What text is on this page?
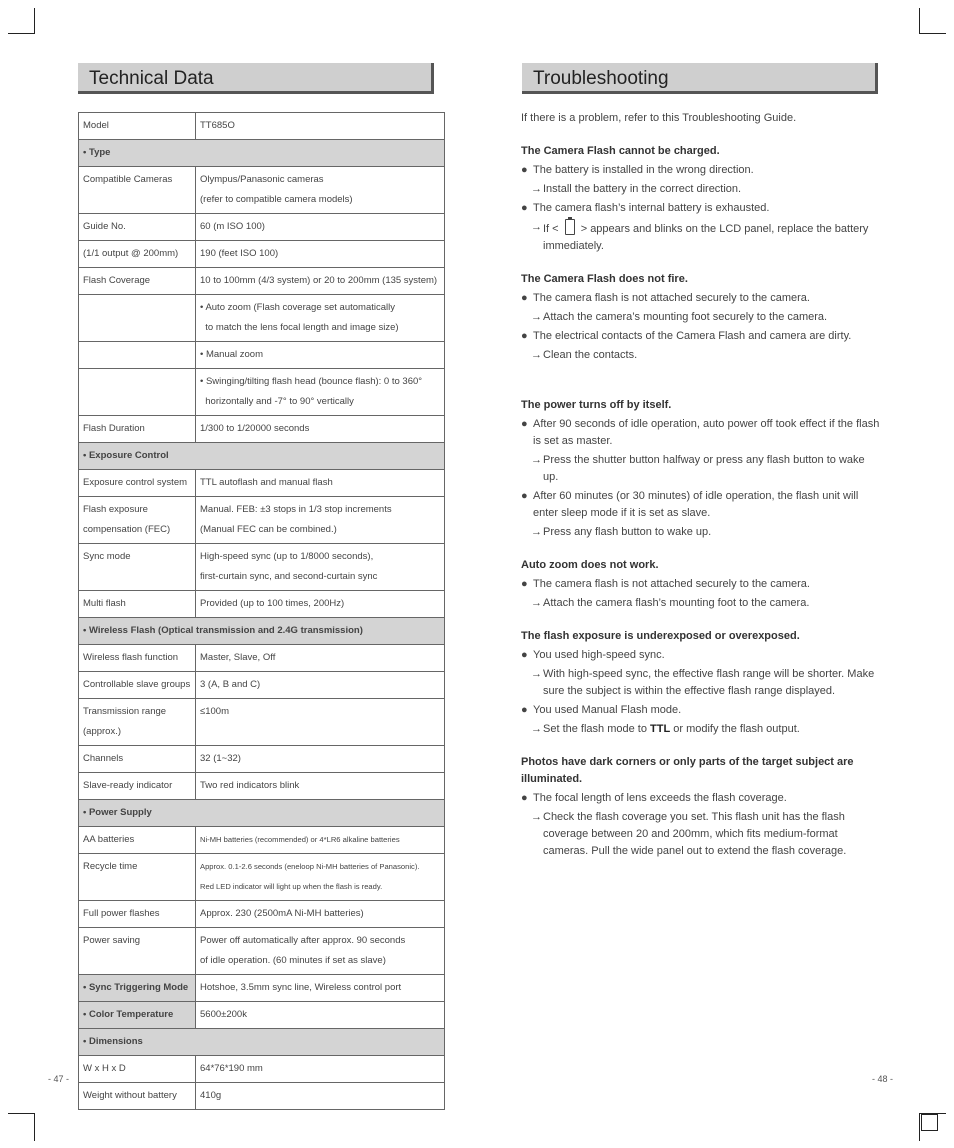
Technical Data
Model	TT685O

• Type	

Compatible Cameras	Olympus/Panasonic cameras
(refer to compatible camera models)

Guide No.	60 (m ISO 100)

(1/1 output @ 200mm)	190 (feet ISO 100)

Flash Coverage	10 to 100mm (4/3 system) or 20 to 200mm (135 system)

	• Auto zoom (Flash coverage set automatically
to match the lens focal length and image size)

	• Manual zoom

	• Swinging/tilting flash head (bounce flash): 0 to 360°
horizontally and -7° to 90° vertically

Flash Duration	1/300 to 1/20000 seconds

• Exposure Control	

Exposure control system	TTL autoflash and manual flash

Flash exposure
compensation (FEC)	Manual. FEB: ±3 stops in 1/3 stop increments
(Manual FEC can be combined.)

Sync mode	High-speed sync (up to 1/8000 seconds),
first-curtain sync, and second-curtain sync

Multi flash	Provided (up to 100 times, 200Hz)

• Wireless Flash (Optical transmission and 2.4G transmission)	

Wireless flash function	Master, Slave, Off

Controllable slave groups	3 (A, B and C)

Transmission range
(approx.)	≤100m

Channels	32 (1~32)

Slave-ready indicator	Two red indicators blink

• Power Supply	

AA batteries	Ni-MH batteries (recommended) or 4*LR6 alkaline batteries

Recycle time	Approx. 0.1-2.6 seconds (eneloop Ni-MH batteries of Panasonic).
Red LED indicator will light up when the flash is ready.

Full power flashes	Approx. 230 (2500mA Ni-MH batteries)

Power saving	Power off automatically after approx. 90 seconds
of idle operation. (60 minutes if set as slave)

• Sync Triggering Mode	Hotshoe, 3.5mm sync line, Wireless control port

• Color Temperature	5600±200k

• Dimensions	

W x H x D	64*76*190 mm

Weight without battery	410g
- 47 -
Troubleshooting

If there is a problem, refer to this Troubleshooting Guide.

The Camera Flash cannot be charged.

● The battery is installed in the wrong direction.
→ Install the battery in the correct direction.
● The camera flash’s internal battery is exhausted.
→ If <  > appears and blinks on the LCD panel, replace the battery immediately.

The Camera Flash does not fire.

● The camera flash is not attached securely to the camera.
→ Attach the camera’s mounting foot securely to the camera.
● The electrical contacts of the Camera Flash and camera are dirty.
→ Clean the contacts.

The power turns off by itself.

● After 90 seconds of idle operation, auto power off took effect if the flash is set as master.
→ Press the shutter button halfway or press any flash button to wake up.
● After 60 minutes (or 30 minutes) of idle operation, the flash unit will enter sleep mode if it is set as slave.
→ Press any flash button to wake up.

Auto zoom does not work.

● The camera flash is not attached securely to the camera.
→ Attach the camera flash’s mounting foot to the camera.

The flash exposure is underexposed or overexposed.

● You used high-speed sync.
→ With high-speed sync, the effective flash range will be shorter. Make sure the subject is within the effective flash range displayed.
● You used Manual Flash mode.
→ Set the flash mode to TTL or modify the flash output.

Photos have dark corners or only parts of the target subject are illuminated.

● The focal length of lens exceeds the flash coverage.
→ Check the flash coverage you set. This flash unit has the flash coverage between 20 and 200mm, which fits medium-format cameras. Pull the wide panel out to extend the flash coverage.
- 48 -
